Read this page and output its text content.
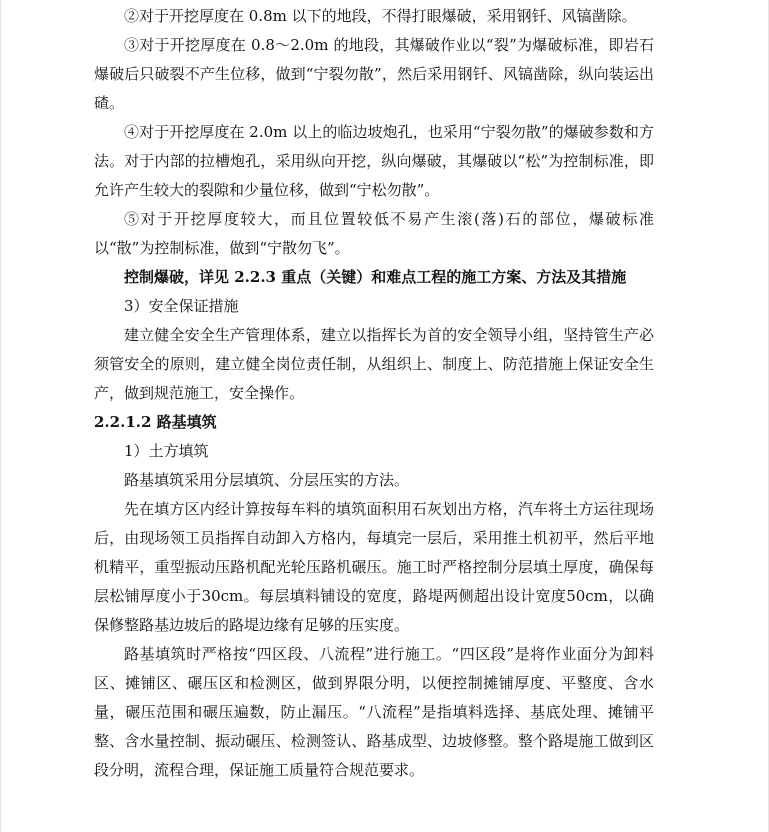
②对于开挖厚度在 0.8m 以下的地段，不得打眼爆破，采用钢钎、风镐凿除。

③对于开挖厚度在 0.8～2.0m 的地段，其爆破作业以“裂”为爆破标准，即岩石爆破后只破裂不产生位移，做到“宁裂勿散”，然后采用钢钎、风镐凿除，纵向装运出碴。

④对于开挖厚度在 2.0m 以上的临边坡炮孔，也采用“宁裂勿散”的爆破参数和方法。对于内部的拉槽炮孔，采用纵向开挖，纵向爆破，其爆破以“松”为控制标准，即允许产生较大的裂隙和少量位移，做到“宁松勿散”。

⑤对于开挖厚度较大，而且位置较低不易产生滚(落)石的部位，爆破标准以“散”为控制标准，做到“宁散勿飞”。

控制爆破，详见 2.2.3 重点（关键）和难点工程的施工方案、方法及其措施

3）安全保证措施

建立健全安全生产管理体系，建立以指挥长为首的安全领导小组，坚持管生产必须管安全的原则，建立健全岗位责任制，从组织上、制度上、防范措施上保证安全生产，做到规范施工，安全操作。

2.2.1.2 路基填筑

1）土方填筑

路基填筑采用分层填筑、分层压实的方法。

先在填方区内经计算按每车料的填筑面积用石灰划出方格，汽车将土方运往现场后，由现场领工员指挥自动卸入方格内，每填完一层后，采用推土机初平，然后平地机精平，重型振动压路机配光轮压路机碾压。施工时严格控制分层填土厚度，确保每层松铺厚度小于30cm。每层填料铺设的宽度，路堤两侧超出设计宽度50cm，以确保修整路基边坡后的路堤边缘有足够的压实度。

路基填筑时严格按“四区段、八流程”进行施工。“四区段”是将作业面分为卸料区、摊铺区、碾压区和检测区，做到界限分明，以便控制摊铺厚度、平整度、含水量，碾压范围和碾压遍数，防止漏压。“八流程”是指填料选择、基底处理、摊铺平整、含水量控制、振动碾压、检测签认、路基成型、边坡修整。整个路堤施工做到区段分明，流程合理，保证施工质量符合规范要求。
